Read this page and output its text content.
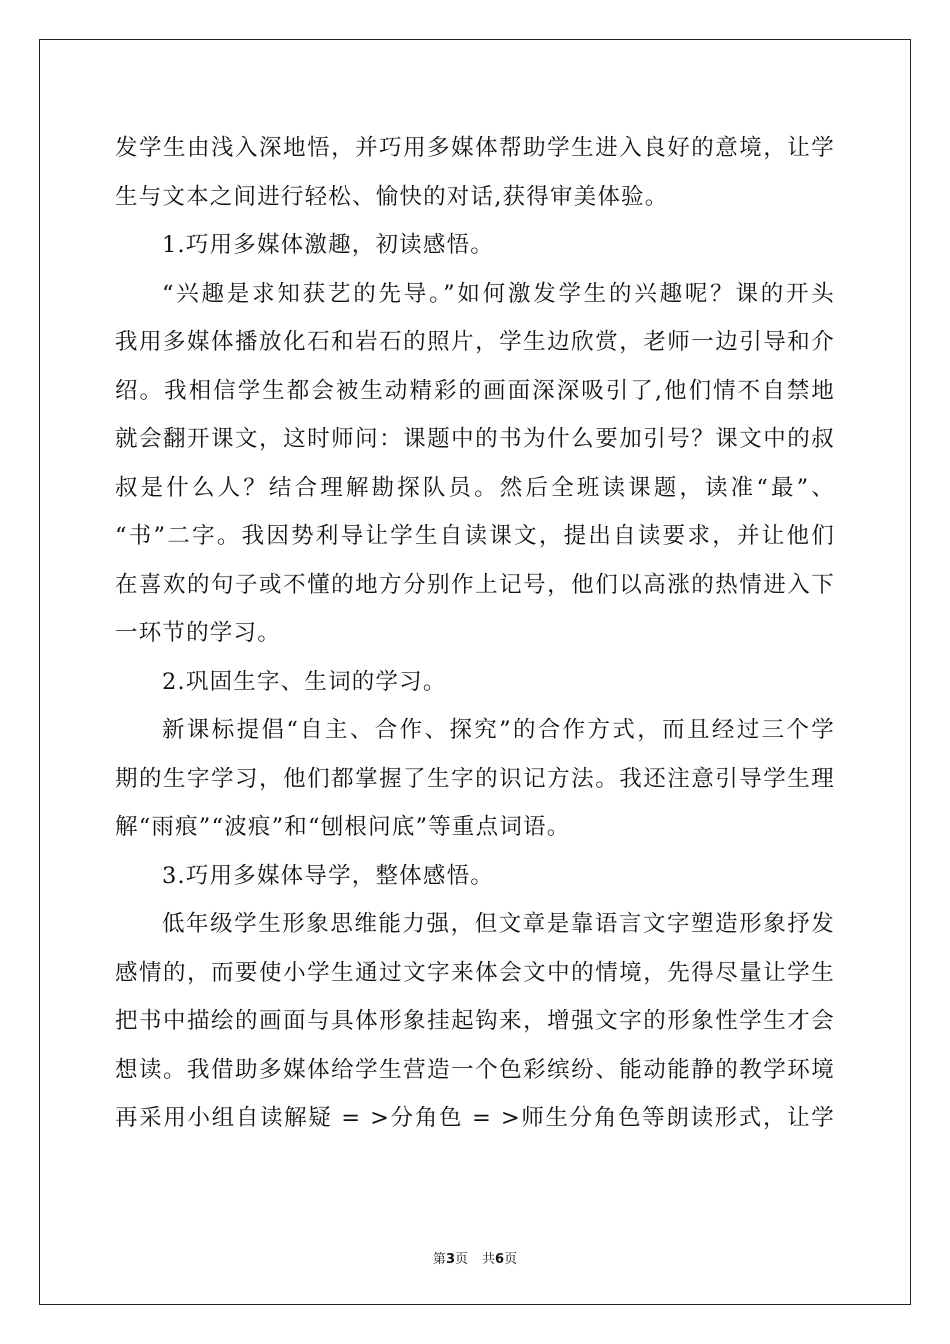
发学生由浅入深地悟，并巧用多媒体帮助学生进入良好的意境，让学
生与文本之间进行轻松、愉快的对话,获得审美体验。
1.巧用多媒体激趣，初读感悟。
“兴趣是求知获艺的先导。”如何激发学生的兴趣呢？课的开头
我用多媒体播放化石和岩石的照片，学生边欣赏，老师一边引导和介
绍。我相信学生都会被生动精彩的画面深深吸引了,他们情不自禁地
就会翻开课文，这时师问：课题中的书为什么要加引号？课文中的叔
叔是什么人？结合理解勘探队员。然后全班读课题，读准“最”、
“书”二字。我因势利导让学生自读课文，提出自读要求，并让他们
在喜欢的句子或不懂的地方分别作上记号，他们以高涨的热情进入下
一环节的学习。
2.巩固生字、生词的学习。
新课标提倡“自主、合作、探究”的合作方式，而且经过三个学
期的生字学习，他们都掌握了生字的识记方法。我还注意引导学生理
解“雨痕”“波痕”和“刨根问底”等重点词语。
3.巧用多媒体导学，整体感悟。
低年级学生形象思维能力强，但文章是靠语言文字塑造形象抒发
感情的，而要使小学生通过文字来体会文中的情境，先得尽量让学生
把书中描绘的画面与具体形象挂起钩来，增强文字的形象性学生才会
想读。我借助多媒体给学生营造一个色彩缤纷、能动能静的教学环境
再采用小组自读解疑 = >分角色 = >师生分角色等朗读形式，让学
第3页 共6页
